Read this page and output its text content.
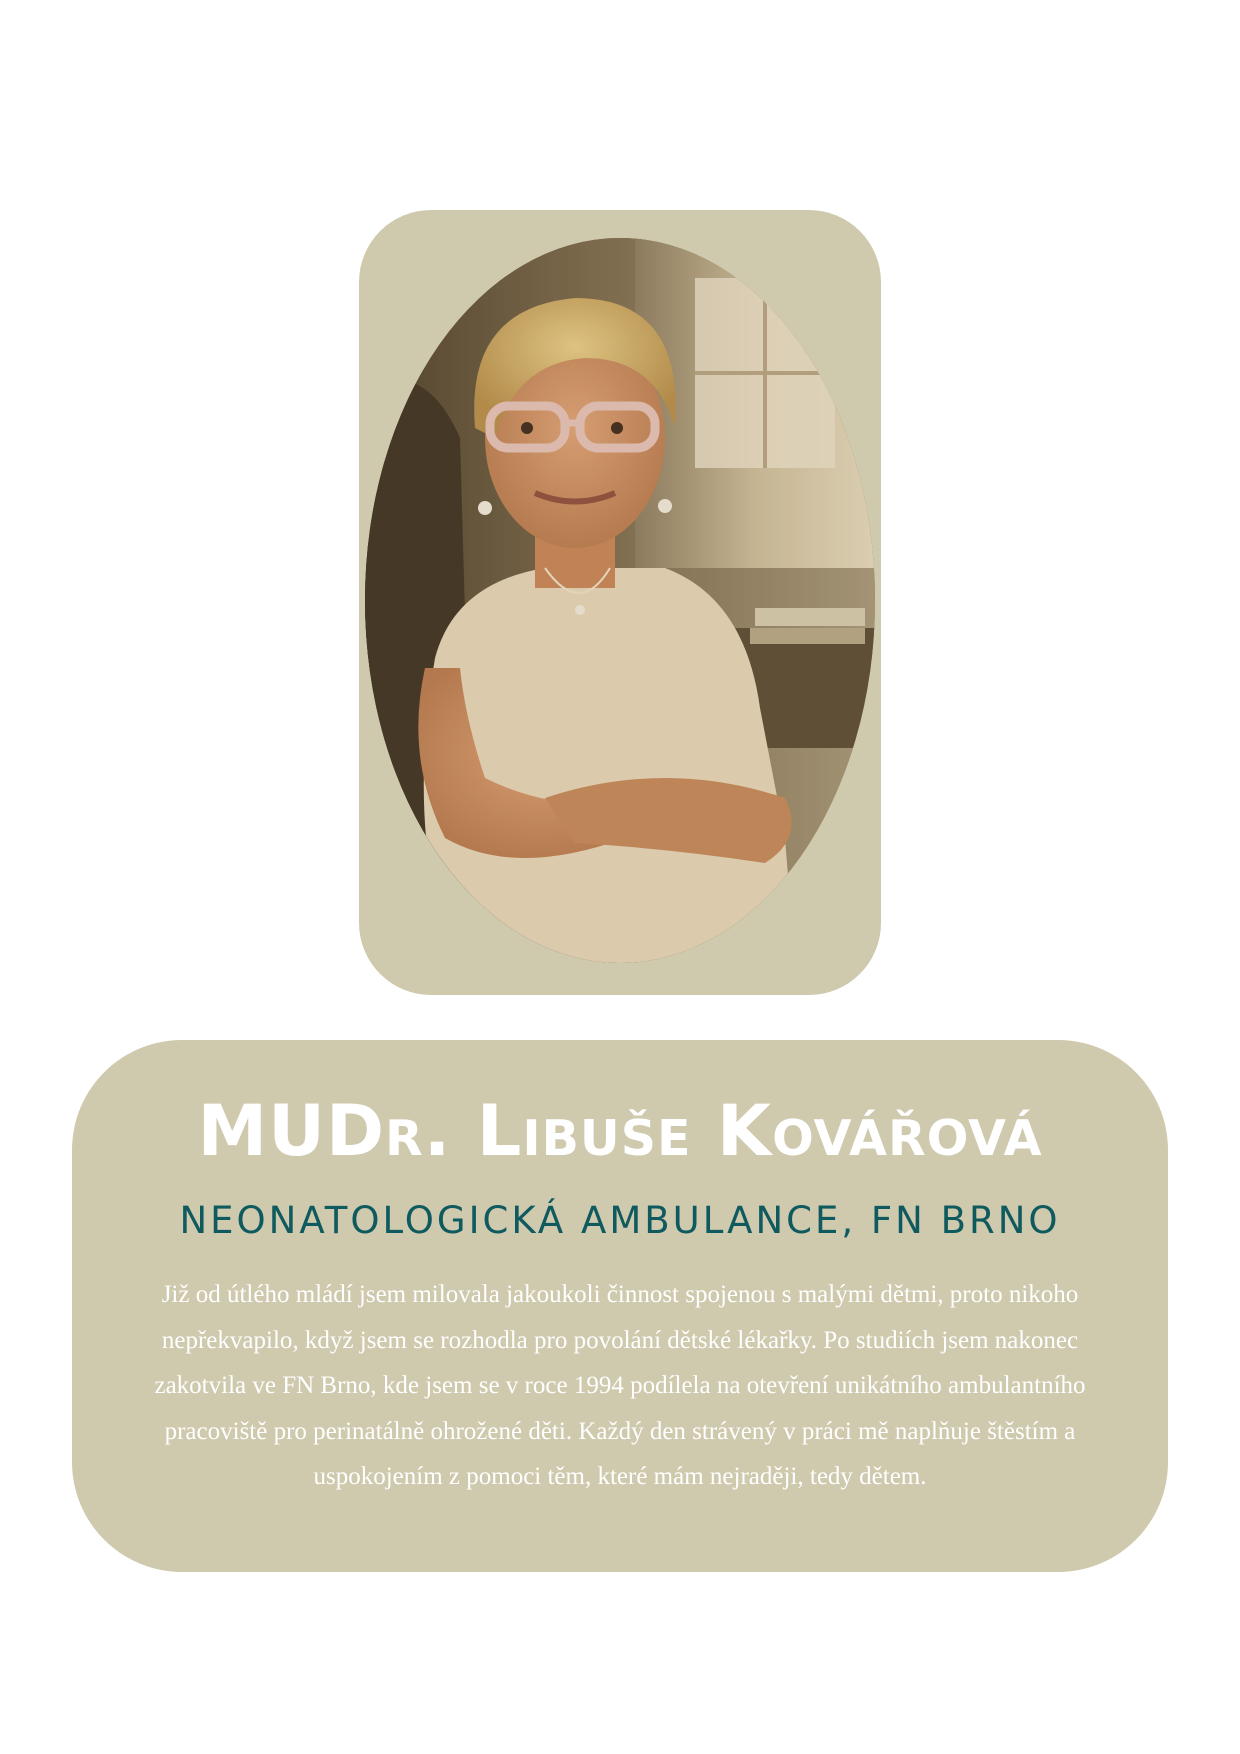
MUDr. Libuše Kovářová
NEONATOLOGICKÁ AMBULANCE, FN BRNO

Již od útlého mládí jsem milovala jakoukoli činnost spojenou s malými dětmi, proto nikoho nepřekvapilo, když jsem se rozhodla pro povolání dětské lékařky. Po studiích jsem nakonec zakotvila ve FN Brno, kde jsem se v roce 1994 podílela na otevření unikátního ambulantního pracoviště pro perinatálně ohrožené děti. Každý den strávený v práci mě naplňuje štěstím a uspokojením z pomoci těm, které mám nejraději, tedy dětem.
